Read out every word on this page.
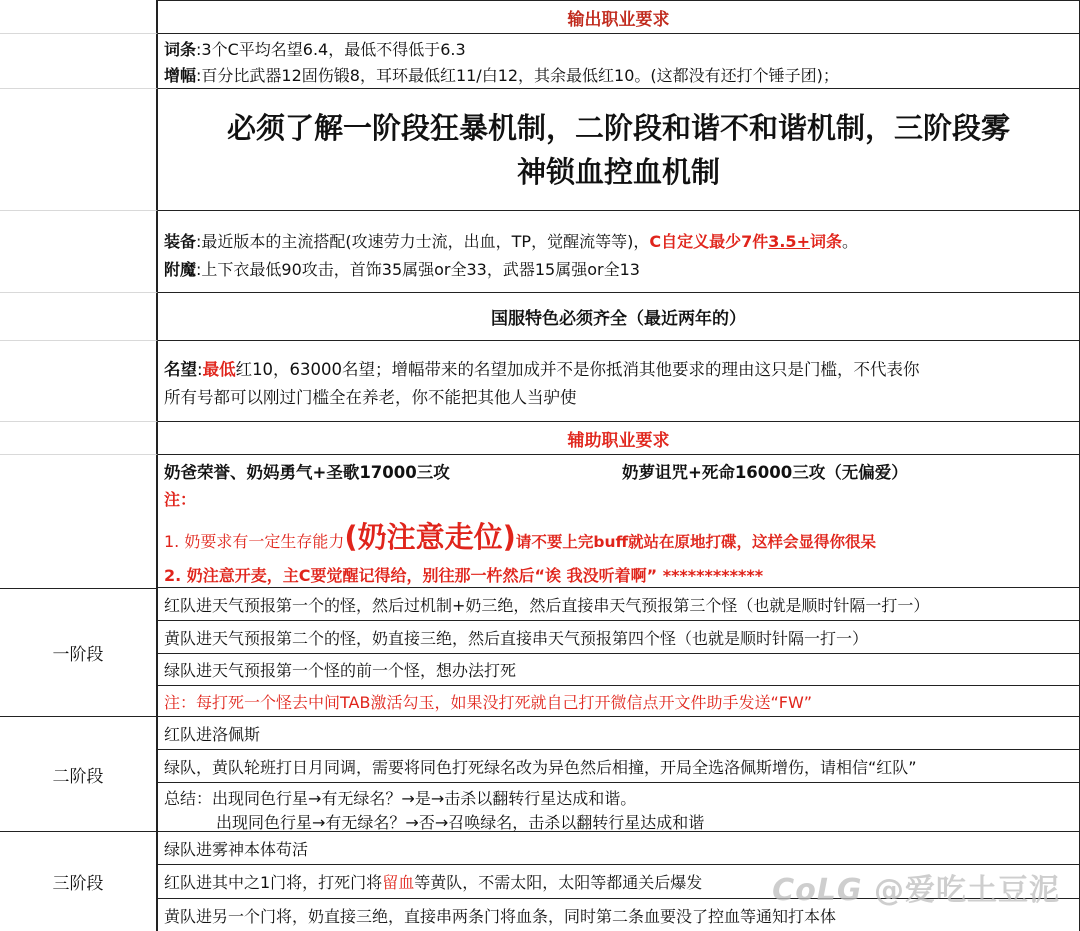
输出职业要求
词条:3个C平均名望6.4，最低不得低于6.3
增幅:百分比武器12固伤锻8，耳环最低红11/白12，其余最低红10。(这都没有还打个锤子团)；
必须了解一阶段狂暴机制，二阶段和谐不和谐机制，三阶段雾
神锁血控血机制
装备:最近版本的主流搭配(攻速劳力士流，出血，TP，觉醒流等等)，C自定义最少7件3.5+词条。
附魔:上下衣最低90攻击，首饰35属强or全33，武器15属强or全13
国服特色必须齐全（最近两年的）
名望:最低红10，63000名望；增幅带来的名望加成并不是你抵消其他要求的理由这只是门槛，不代表你
所有号都可以刚过门槛全在养老，你不能把其他人当驴使
辅助职业要求
奶爸荣誉、奶妈勇气+圣歌17000三攻	奶萝诅咒+死命16000三攻（无偏爱）
注：
1. 奶要求有一定生存能力(奶注意走位)请不要上完buff就站在原地打碟，这样会显得你很呆
2. 奶注意开麦，主C要觉醒记得给，别往那一杵然后“诶 我没听着啊” ************
一阶段
红队进天气预报第一个的怪，然后过机制+奶三绝，然后直接串天气预报第三个怪（也就是顺时针隔一打一）
黄队进天气预报第二个的怪，奶直接三绝，然后直接串天气预报第四个怪（也就是顺时针隔一打一）
绿队进天气预报第一个怪的前一个怪，想办法打死
注：每打死一个怪去中间TAB激活勾玉，如果没打死就自己打开微信点开文件助手发送“FW”
二阶段
红队进洛佩斯
绿队，黄队轮班打日月同调，需要将同色打死绿名改为异色然后相撞，开局全选洛佩斯增伤，请相信“红队”
总结：出现同色行星→有无绿名？→是→击杀以翻转行星达成和谐。
出现同色行星→有无绿名？→否→召唤绿名，击杀以翻转行星达成和谐
三阶段
绿队进雾神本体苟活
红队进其中之1门将，打死门将 留血 等黄队，不需太阳，太阳等都通关后爆发
黄队进另一个门将，奶直接三绝，直接串两条门将血条，同时第二条血要没了控血等通知打本体
CoLG @爱吃土豆泥
